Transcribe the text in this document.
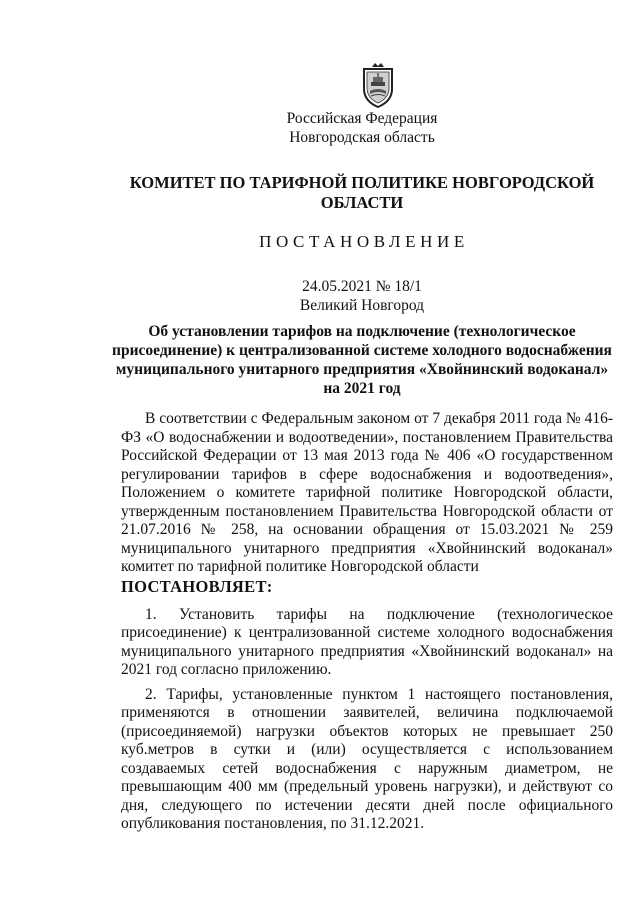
Российская Федерация
Новгородская область
КОМИТЕТ ПО ТАРИФНОЙ ПОЛИТИКЕ НОВГОРОДСКОЙ
ОБЛАСТИ
ПОСТАНОВЛЕНИЕ
24.05.2021 № 18/1
Великий Новгород
Об установлении тарифов на подключение (технологическое
присоединение) к централизованной системе холодного водоснабжения
муниципального унитарного предприятия «Хвойнинский водоканал»
на 2021 год

В соответствии с Федеральным законом от 7 декабря 2011 года № 416-ФЗ «О водоснабжении и водоотведении», постановлением Правительства Российской Федерации от 13 мая 2013 года № 406 «О государственном регулировании тарифов в сфере водоснабжения и водоотведения», Положением о комитете тарифной политике Новгородской области, утвержденным постановлением Правительства Новгородской области от 21.07.2016 № 258, на основании обращения от 15.03.2021 № 259 муниципального унитарного предприятия «Хвойнинский водоканал» комитет по тарифной политике Новгородской области

ПОСТАНОВЛЯЕТ:

1. Установить тарифы на подключение (технологическое присоединение) к централизованной системе холодного водоснабжения муниципального унитарного предприятия «Хвойнинский водоканал» на 2021 год согласно приложению.

2. Тарифы, установленные пунктом 1 настоящего постановления, применяются в отношении заявителей, величина подключаемой (присоединяемой) нагрузки объектов которых не превышает 250 куб.метров в сутки и (или) осуществляется с использованием создаваемых сетей водоснабжения с наружным диаметром, не превышающим 400 мм (предельный уровень нагрузки), и действуют со дня, следующего по истечении десяти дней после официального опубликования постановления, по 31.12.2021.
